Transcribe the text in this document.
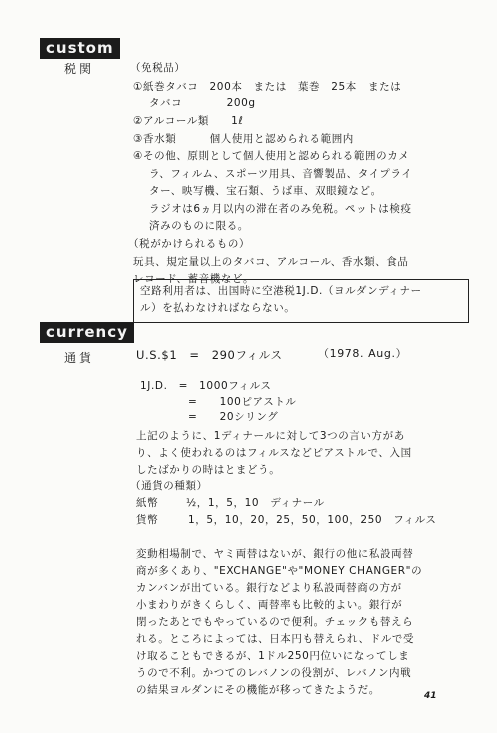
custom
税関	（免税品）
①紙巻タバコ　200本　または　葉巻　25本　または
タバコ　　　　200g
②アルコール類　　1ℓ
③香水類　　　個人使用と認められる範囲内
④その他、原則として個人使用と認められる範囲のカメ
ラ、フィルム、スポーツ用具、音響製品、タイプライ
ター、映写機、宝石類、うば車、双眼鏡など。
ラジオは6ヵ月以内の滞在者のみ免税。ペットは検疫
済みのものに限る。
（税がかけられるもの）
玩具、規定量以上のタバコ、アルコール、香水類、食品
レコード、蓄音機など。
空路利用者は、出国時に空港税1J.D.（ヨルダンディナー
ル）を払わなければならない。
currency
通貨	U.S.$1　=　290フィルス	（1978. Aug.）
1J.D.　=　1000フィルス
=　　100ピアストル
=　　20シリング
上記のように、1ディナールに対して3つの言い方があ
り、よく使われるのはフィルスなどピアストルで、入国
したばかりの時はとまどう。
（通貨の種類）
紙幣	½，1，5，10　ディナール
貨幣	1，5，10，20，25，50，100，250　フィルス
変動相場制で、ヤミ両替はないが、銀行の他に私設両替
商が多くあり、"EXCHANGE"や"MONEY CHANGER"の
カンバンが出ている。銀行などより私設両替商の方が
小まわりがきくらしく、両替率も比較的よい。銀行が
閉ったあとでもやっているので便利。チェックも替えら
れる。ところによっては、日本円も替えられ、ドルで受
け取ることもできるが、1ドル250円位いになってしま
うので不利。かつてのレバノンの役割が、レバノン内戦
の結果ヨルダンにその機能が移ってきたようだ。	41
